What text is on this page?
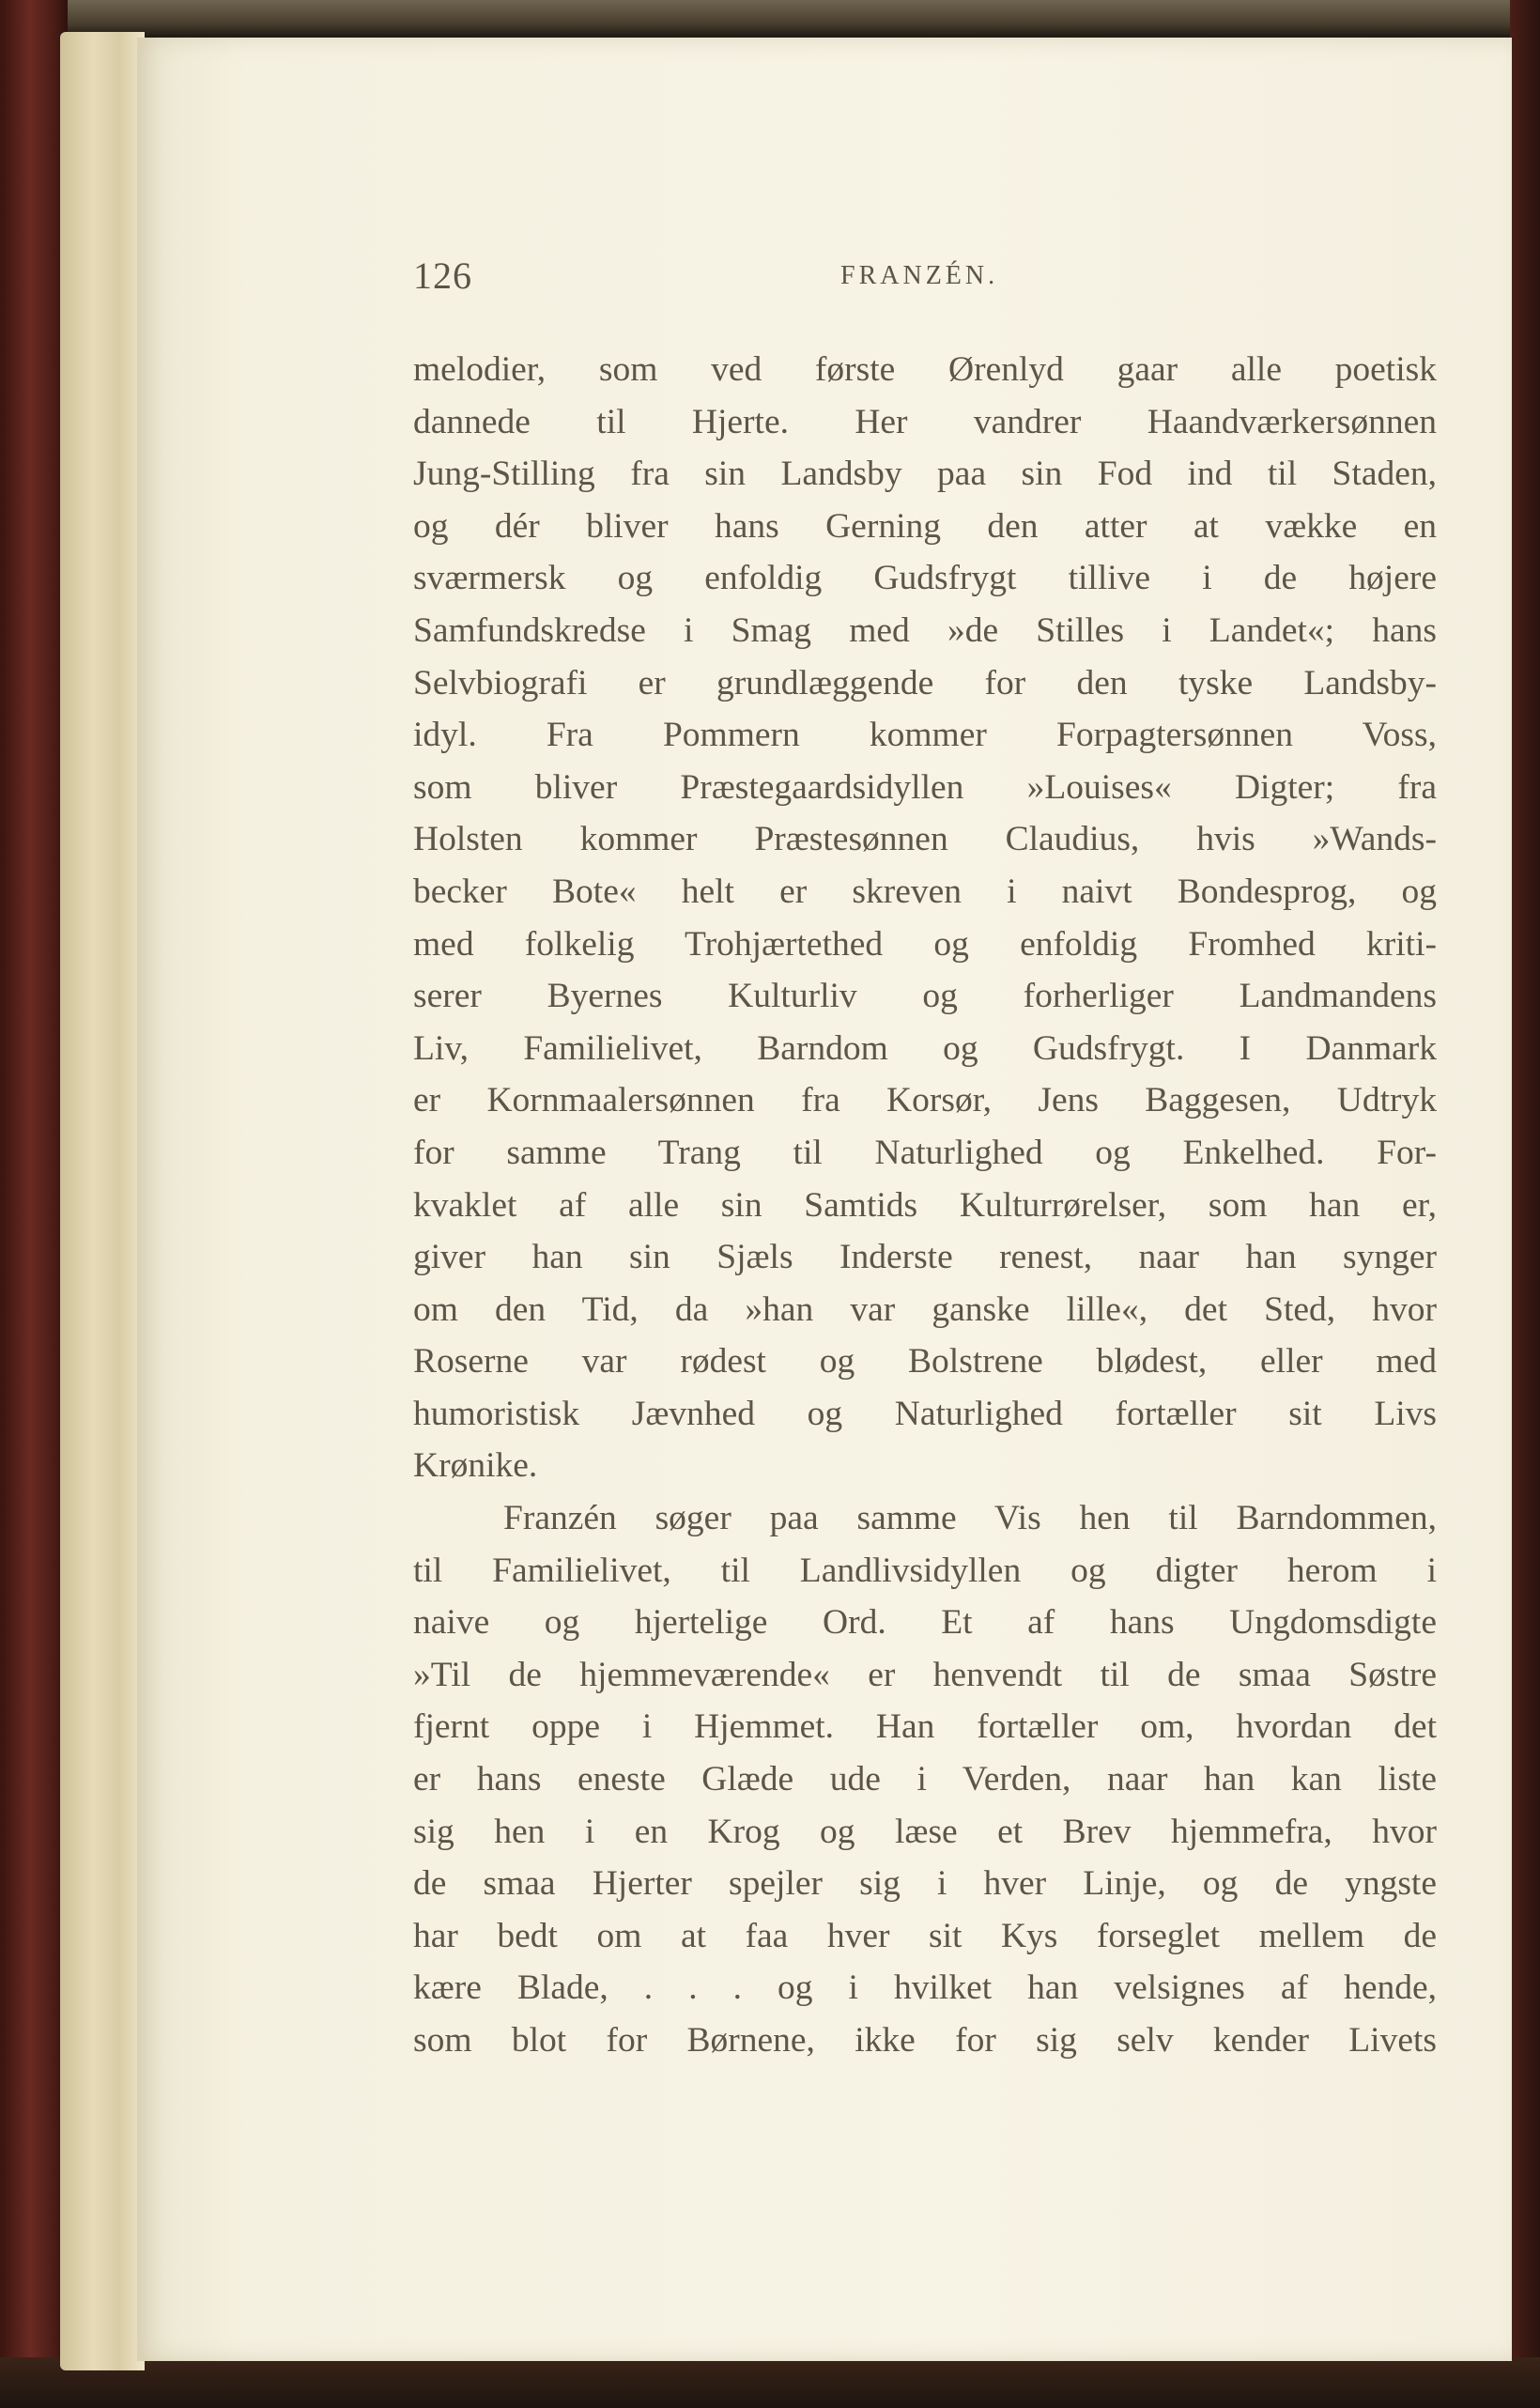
126	FRANZÉN.
melodier, som ved første Ørenlyd gaar alle poetisk
dannede til Hjerte. Her vandrer Haandværkersønnen
Jung-Stilling fra sin Landsby paa sin Fod ind til Staden,
og dér bliver hans Gerning den atter at vække en
sværmersk og enfoldig Gudsfrygt tillive i de højere
Samfundskredse i Smag med »de Stilles i Landet«; hans
Selvbiografi er grundlæggende for den tyske Landsby-
idyl. Fra Pommern kommer Forpagtersønnen Voss,
som bliver Præstegaardsidyllen »Louises« Digter; fra
Holsten kommer Præstesønnen Claudius, hvis »Wands-
becker Bote« helt er skreven i naivt Bondesprog, og
med folkelig Trohjærtethed og enfoldig Fromhed kriti-
serer Byernes Kulturliv og forherliger Landmandens
Liv, Familielivet, Barndom og Gudsfrygt. I Danmark
er Kornmaalersønnen fra Korsør, Jens Baggesen, Udtryk
for samme Trang til Naturlighed og Enkelhed. For-
kvaklet af alle sin Samtids Kulturrørelser, som han er,
giver han sin Sjæls Inderste renest, naar han synger
om den Tid, da »han var ganske lille«, det Sted, hvor
Roserne var rødest og Bolstrene blødest, eller med
humoristisk Jævnhed og Naturlighed fortæller sit Livs
Krønike.
Franzén søger paa samme Vis hen til Barndommen,
til Familielivet, til Landlivsidyllen og digter herom i
naive og hjertelige Ord. Et af hans Ungdomsdigte
»Til de hjemmeværende« er henvendt til de smaa Søstre
fjernt oppe i Hjemmet. Han fortæller om, hvordan det
er hans eneste Glæde ude i Verden, naar han kan liste
sig hen i en Krog og læse et Brev hjemmefra, hvor
de smaa Hjerter spejler sig i hver Linje, og de yngste
har bedt om at faa hver sit Kys forseglet mellem de
kære Blade, . . . og i hvilket han velsignes af hende,
som blot for Børnene, ikke for sig selv kender Livets
